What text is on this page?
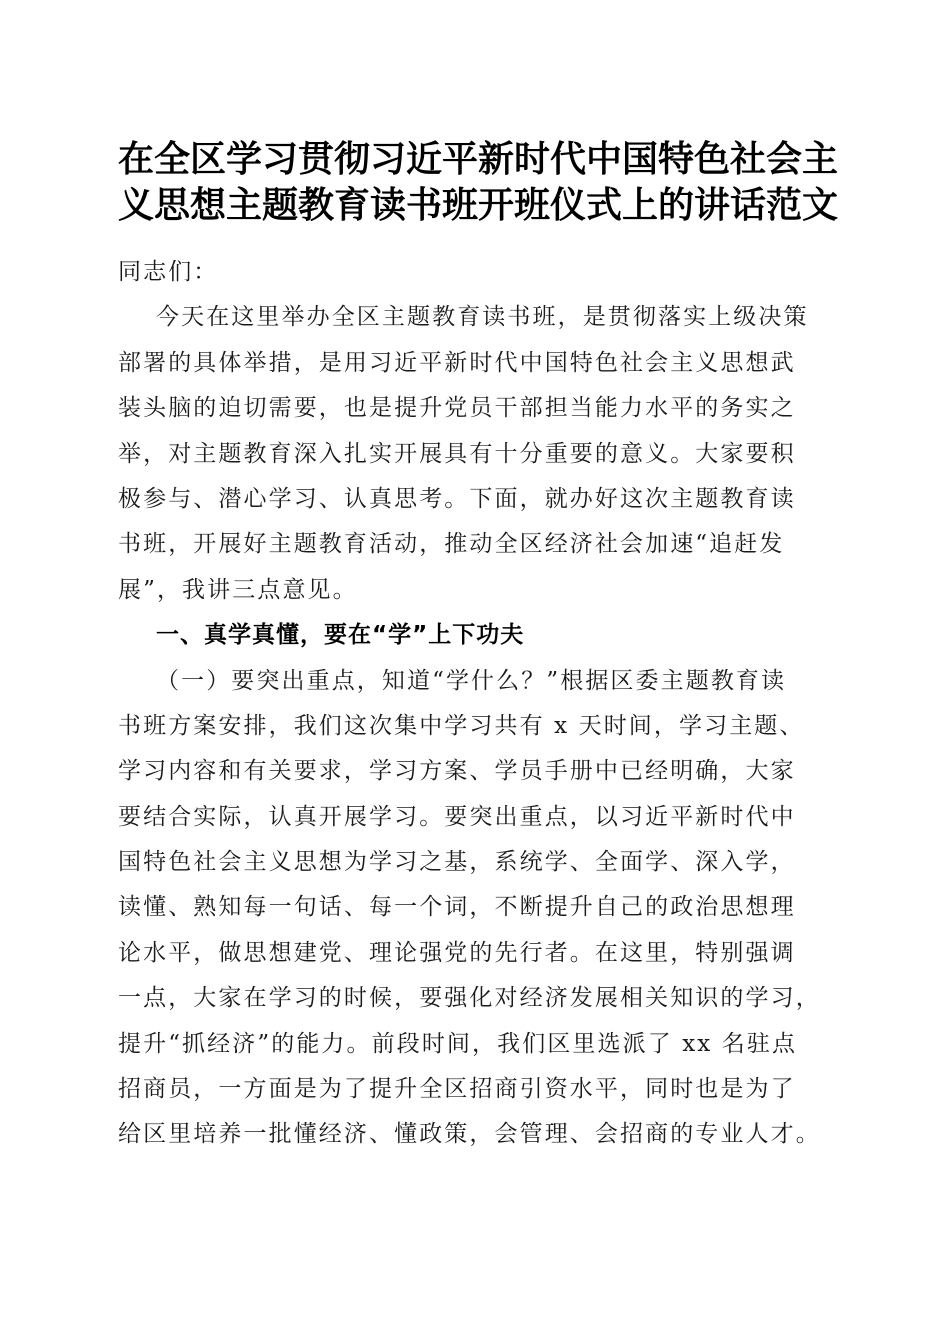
在全区学习贯彻习近平新时代中国特色社会主
义思想主题教育读书班开班仪式上的讲话范文
同志们：
今天在这里举办全区主题教育读书班，是贯彻落实上级决策
部署的具体举措，是用习近平新时代中国特色社会主义思想武
装头脑的迫切需要，也是提升党员干部担当能力水平的务实之
举，对主题教育深入扎实开展具有十分重要的意义。大家要积
极参与、潜心学习、认真思考。下面，就办好这次主题教育读
书班，开展好主题教育活动，推动全区经济社会加速“追赶发
展”，我讲三点意见。
一、真学真懂，要在“学”上下功夫
（一）要突出重点，知道“学什么？”根据区委主题教育读
书班方案安排，我们这次集中学习共有 x 天时间，学习主题、
学习内容和有关要求，学习方案、学员手册中已经明确，大家
要结合实际，认真开展学习。要突出重点，以习近平新时代中
国特色社会主义思想为学习之基，系统学、全面学、深入学，
读懂、熟知每一句话、每一个词，不断提升自己的政治思想理
论水平，做思想建党、理论强党的先行者。在这里，特别强调
一点，大家在学习的时候，要强化对经济发展相关知识的学习，
提升“抓经济”的能力。前段时间，我们区里选派了 xx 名驻点
招商员，一方面是为了提升全区招商引资水平，同时也是为了
给区里培养一批懂经济、懂政策，会管理、会招商的专业人才。
